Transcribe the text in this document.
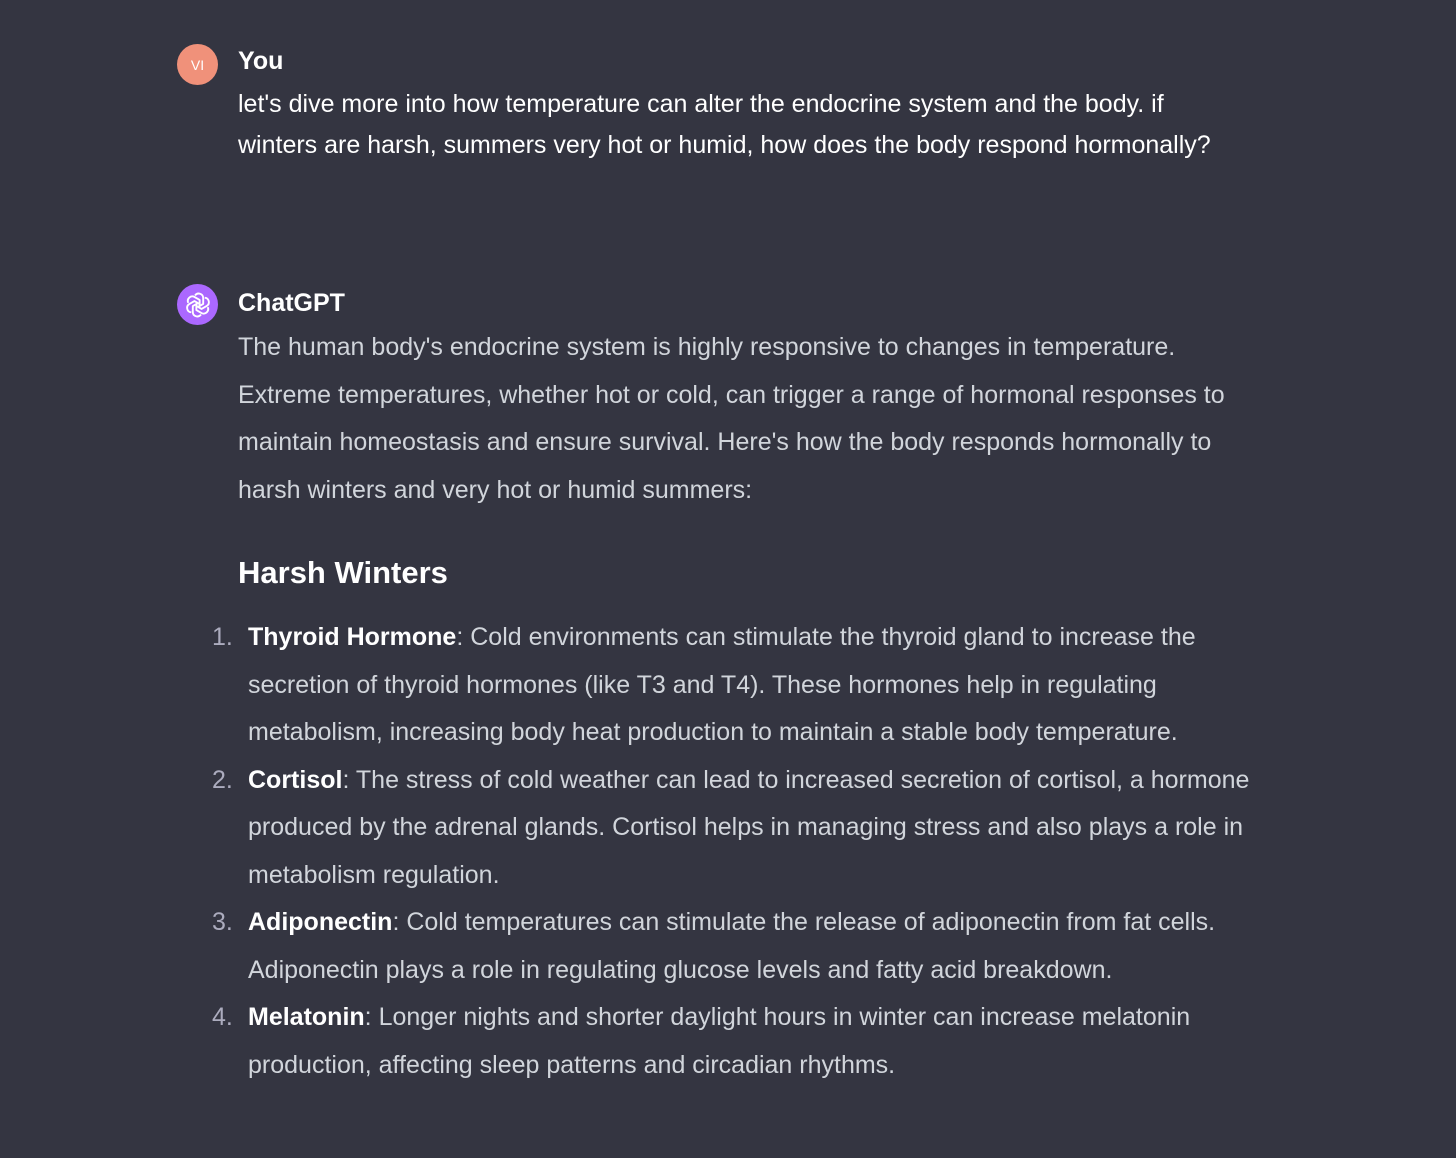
VI You

let's dive more into how temperature can alter the endocrine system and the body. if winters are harsh, summers very hot or humid, how does the body respond hormonally?

ChatGPT

The human body's endocrine system is highly responsive to changes in temperature. Extreme temperatures, whether hot or cold, can trigger a range of hormonal responses to maintain homeostasis and ensure survival. Here's how the body responds hormonally to harsh winters and very hot or humid summers:

Harsh Winters
1. Thyroid Hormone: Cold environments can stimulate the thyroid gland to increase the secretion of thyroid hormones (like T3 and T4). These hormones help in regulating metabolism, increasing body heat production to maintain a stable body temperature.
2. Cortisol: The stress of cold weather can lead to increased secretion of cortisol, a hormone produced by the adrenal glands. Cortisol helps in managing stress and also plays a role in metabolism regulation.
3. Adiponectin: Cold temperatures can stimulate the release of adiponectin from fat cells. Adiponectin plays a role in regulating glucose levels and fatty acid breakdown.
4. Melatonin: Longer nights and shorter daylight hours in winter can increase melatonin production, affecting sleep patterns and circadian rhythms.
